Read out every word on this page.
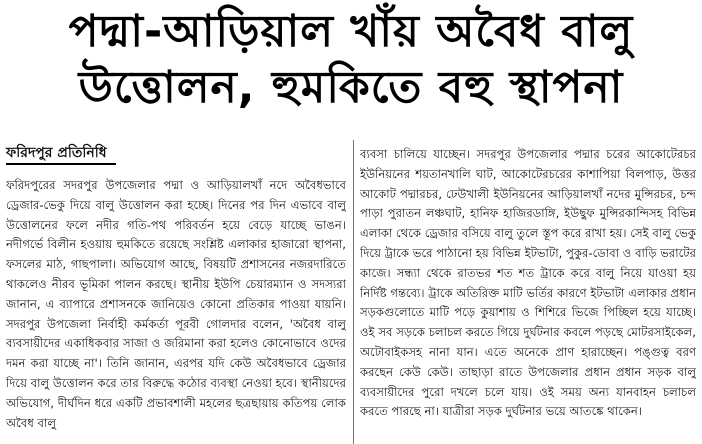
পদ্মা-আড়িয়াল খাঁয় অবৈধ বালু
উত্তোলন, হুমকিতে বহু স্থাপনা
ফরিদপুর প্রতিনিধি

ফরিদপুরের সদরপুর উপজেলার পদ্মা ও আড়িয়ালখাঁ নদে অবৈধভাবে ড্রেজার-ভেকু দিয়ে বালু উত্তোলন করা হচ্ছে। দিনের পর দিন এভাবে বালু উত্তোলনের ফলে নদীর গতি-পথ পরিবর্তন হয়ে বেড়ে যাচ্ছে ভাঙন। নদীগর্ভে বিলীন হওয়ায় হুমকিতে রয়েছে সংশ্লিষ্ট এলাকার হাজারো স্থাপনা, ফসলের মাঠ, গাছপালা। অভিযোগ আছে, বিষয়টি প্রশাসনের নজরদারিতে থাকলেও নীরব ভূমিকা পালন করছে। স্থানীয় ইউপি চেয়ারম্যান ও সদস্যরা জানান, এ ব্যাপারে প্রশাসনকে জানিয়েও কোনো প্রতিকার পাওয়া যায়নি। সদরপুর উপজেলা নির্বাহী কর্মকর্তা পূরবী গোলদার বলেন, 'অবৈধ বালু ব্যবসায়ীদের একাধিকবার সাজা ও জরিমানা করা হলেও কোনোভাবে ওদের দমন করা যাচ্ছে না'। তিনি জানান, এরপর যদি কেউ অবৈধভাবে ড্রেজার দিয়ে বালু উত্তোলন করে তার বিরুদ্ধে কঠোর ব্যবস্থা নেওয়া হবে। স্থানীয়দের অভিযোগ, দীর্ঘদিন ধরে একটি প্রভাবশালী মহলের ছত্রছায়ায় কতিপয় লোক অবৈধ বালু

ব্যবসা চালিয়ে যাচ্ছেন। সদরপুর উপজেলার পদ্মার চরের আকোটেরচর ইউনিয়নের শয়তানখালি ঘাট, আকোটেরচরের কাশাপিয়া বিলপাড়, উত্তর আকোট পদ্মারচর, ঢেউখালী ইউনিয়নের আড়িয়ালখাঁ নদের মুন্সিরচর, চন্দ পাড়া পুরাতন লঞ্চঘাট, হানিফ হাজিরডাঙ্গি, ইউছুফ মুন্সিরকান্দিসহ বিভিন্ন এলাকা থেকে ড্রেজার বসিয়ে বালু তুলে স্তূপ করে রাখা হয়। সেই বালু ভেকু দিয়ে ট্রাকে ভরে পাঠানো হয় বিভিন্ন ইটভাটা, পুকুর-ডোবা ও বাড়ি ভরাটের কাজে। সন্ধ্যা থেকে রাতভর শত শত ট্রাকে করে বালু নিয়ে যাওয়া হয় নির্দিষ্ট গন্তব্যে। ট্রাকে অতিরিক্ত মাটি ভর্তির কারণে ইটভাটা এলাকার প্রধান সড়কগুলোতে মাটি পড়ে কুয়াশায় ও শিশিরে ভিজে পিচ্ছিল হয়ে যাচ্ছে। ওই সব সড়কে চলাচল করতে গিয়ে দুর্ঘটনার কবলে পড়ছে মোটরসাইকেল, অটোবাইকসহ নানা যান। এতে অনেকে প্রাণ হারাচ্ছেন। পঙ্গুত্ব বরণ করছেন কেউ কেউ। তাছাড়া রাতে উপজেলার প্রধান প্রধান সড়ক বালু ব্যবসায়ীদের পুরো দখলে চলে যায়। ওই সময় অন্য যানবাহন চলাচল করতে পারছে না। যাত্রীরা সড়ক দুর্ঘটনার ভয়ে আতঙ্কে থাকেন।
